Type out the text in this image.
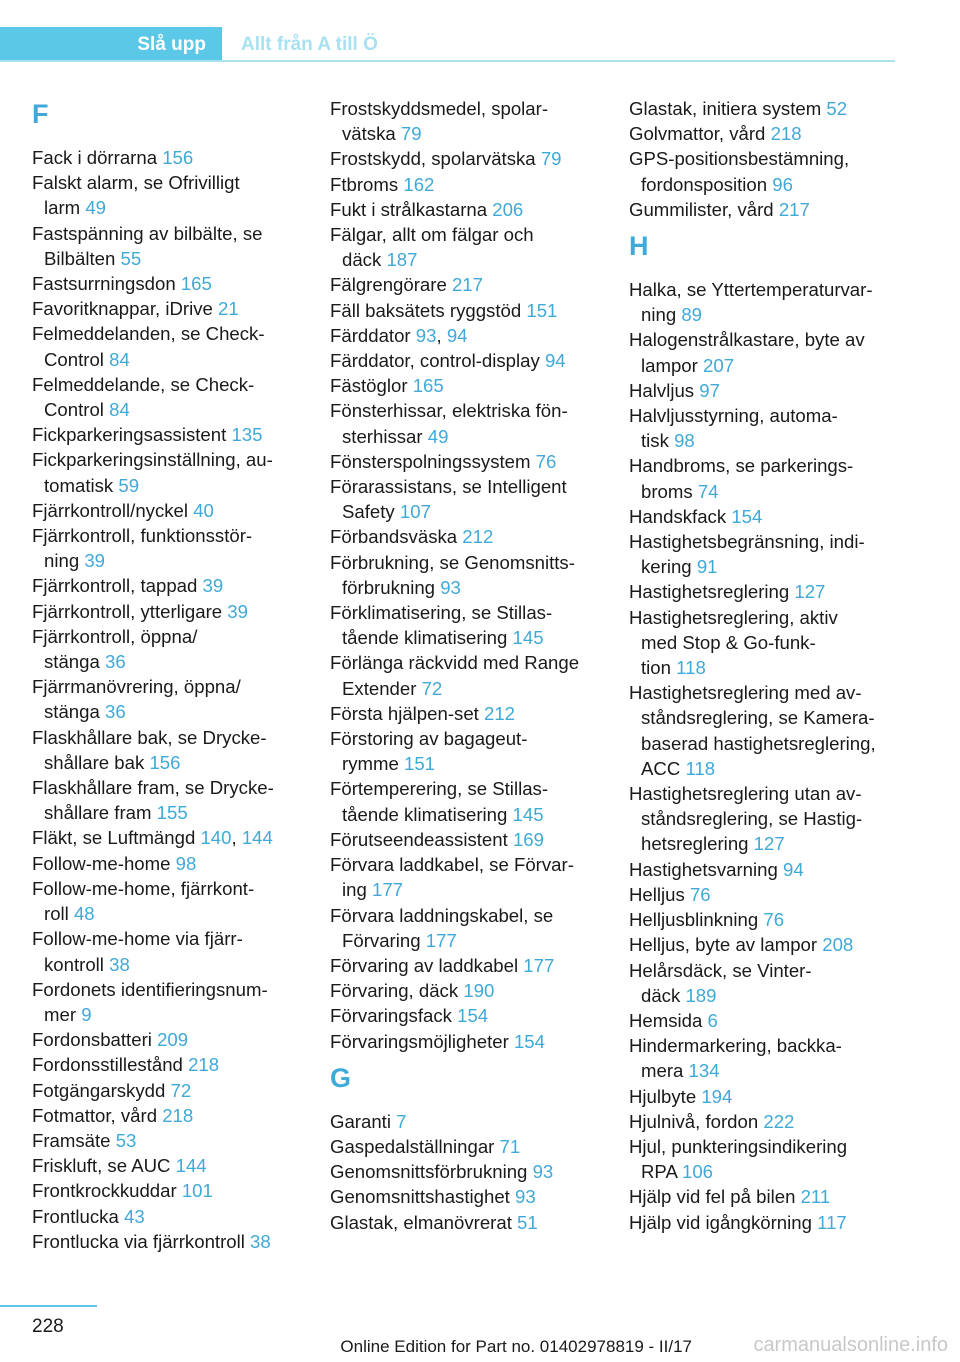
Slå upp	Allt från A till Ö
F
Fack i dörrarna 156
Falskt alarm, se Ofrivilligt
larm 49
Fastspänning av bilbälte, se
Bilbälten 55
Fastsurrningsdon 165
Favoritknappar, iDrive 21
Felmeddelanden, se Check-
Control 84
Felmeddelande, se Check-
Control 84
Fickparkeringsassistent 135
Fickparkeringsinställning, au-
tomatisk 59
Fjärrkontroll/nyckel 40
Fjärrkontroll, funktionsstör-
ning 39
Fjärrkontroll, tappad 39
Fjärrkontroll, ytterligare 39
Fjärrkontroll, öppna/
stänga 36
Fjärrmanövrering, öppna/
stänga 36
Flaskhållare bak, se Drycke-
shållare bak 156
Flaskhållare fram, se Drycke-
shållare fram 155
Fläkt, se Luftmängd 140, 144
Follow-me-home 98
Follow-me-home, fjärrkont-
roll 48
Follow-me-home via fjärr-
kontroll 38
Fordonets identifieringsnum-
mer 9
Fordonsbatteri 209
Fordonsstillestånd 218
Fotgängarskydd 72
Fotmattor, vård 218
Framsäte 53
Friskluft, se AUC 144
Frontkrockkuddar 101
Frontlucka 43
Frontlucka via fjärrkontroll 38
Frostskyddsmedel, spolar-
vätska 79
Frostskydd, spolarvätska 79
Ftbroms 162
Fukt i strålkastarna 206
Fälgar, allt om fälgar och
däck 187
Fälgrengörare 217
Fäll baksätets ryggstöd 151
Färddator 93, 94
Färddator, control-display 94
Fästöglor 165
Fönsterhissar, elektriska fön-
sterhissar 49
Fönsterspolningssystem 76
Förarassistans, se Intelligent
Safety 107
Förbandsväska 212
Förbrukning, se Genomsnitts-
förbrukning 93
Förklimatisering, se Stillas-
tående klimatisering 145
Förlänga räckvidd med Range
Extender 72
Första hjälpen-set 212
Förstoring av bagageut-
rymme 151
Förtemperering, se Stillas-
tående klimatisering 145
Förutseendeassistent 169
Förvara laddkabel, se Förvar-
ing 177
Förvara laddningskabel, se
Förvaring 177
Förvaring av laddkabel 177
Förvaring, däck 190
Förvaringsfack 154
Förvaringsmöjligheter 154
G
Garanti 7
Gaspedalställningar 71
Genomsnittsförbrukning 93
Genomsnittshastighet 93
Glastak, elmanövrerat 51
Glastak, initiera system 52
Golvmattor, vård 218
GPS-positionsbestämning,
fordonsposition 96
Gummilister, vård 217
H
Halka, se Yttertemperaturvar-
ning 89
Halogenstrålkastare, byte av
lampor 207
Halvljus 97
Halvljusstyrning, automa-
tisk 98
Handbroms, se parkerings-
broms 74
Handskfack 154
Hastighetsbegränsning, indi-
kering 91
Hastighetsreglering 127
Hastighetsreglering, aktiv
med Stop & Go-funk-
tion 118
Hastighetsreglering med av-
ståndsreglering, se Kamera-
baserad hastighetsreglering,
ACC 118
Hastighetsreglering utan av-
ståndsreglering, se Hastig-
hetsreglering 127
Hastighetsvarning 94
Helljus 76
Helljusblinkning 76
Helljus, byte av lampor 208
Helårsdäck, se Vinter-
däck 189
Hemsida 6
Hindermarkering, backka-
mera 134
Hjulbyte 194
Hjulnivå, fordon 222
Hjul, punkteringsindikering
RPA 106
Hjälp vid fel på bilen 211
Hjälp vid igångkörning 117
228
Online Edition for Part no. 01402978819 - II/17	carmanualsonline.info
